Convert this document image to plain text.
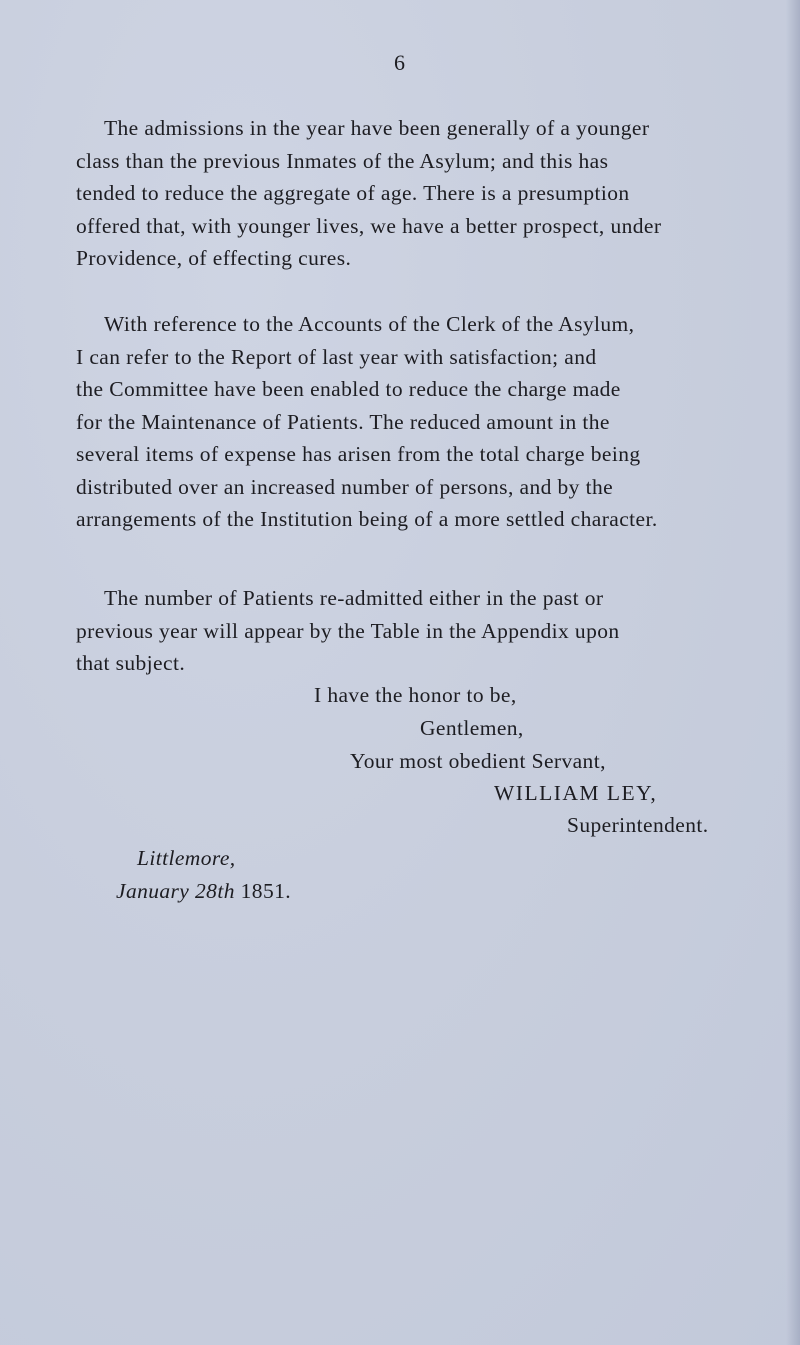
6

The admissions in the year have been generally of a younger
class than the previous Inmates of the Asylum; and this has
tended to reduce the aggregate of age. There is a presumption
offered that, with younger lives, we have a better prospect, under
Providence, of effecting cures.

With reference to the Accounts of the Clerk of the Asylum,
I can refer to the Report of last year with satisfaction; and
the Committee have been enabled to reduce the charge made
for the Maintenance of Patients. The reduced amount in the
several items of expense has arisen from the total charge being
distributed over an increased number of persons, and by the
arrangements of the Institution being of a more settled character.

The number of Patients re-admitted either in the past or
previous year will appear by the Table in the Appendix upon
that subject.

I have the honor to be,
Gentlemen,
Your most obedient Servant,
WILLIAM LEY,
Superintendent.
Littlemore,
January 28th 1851.
